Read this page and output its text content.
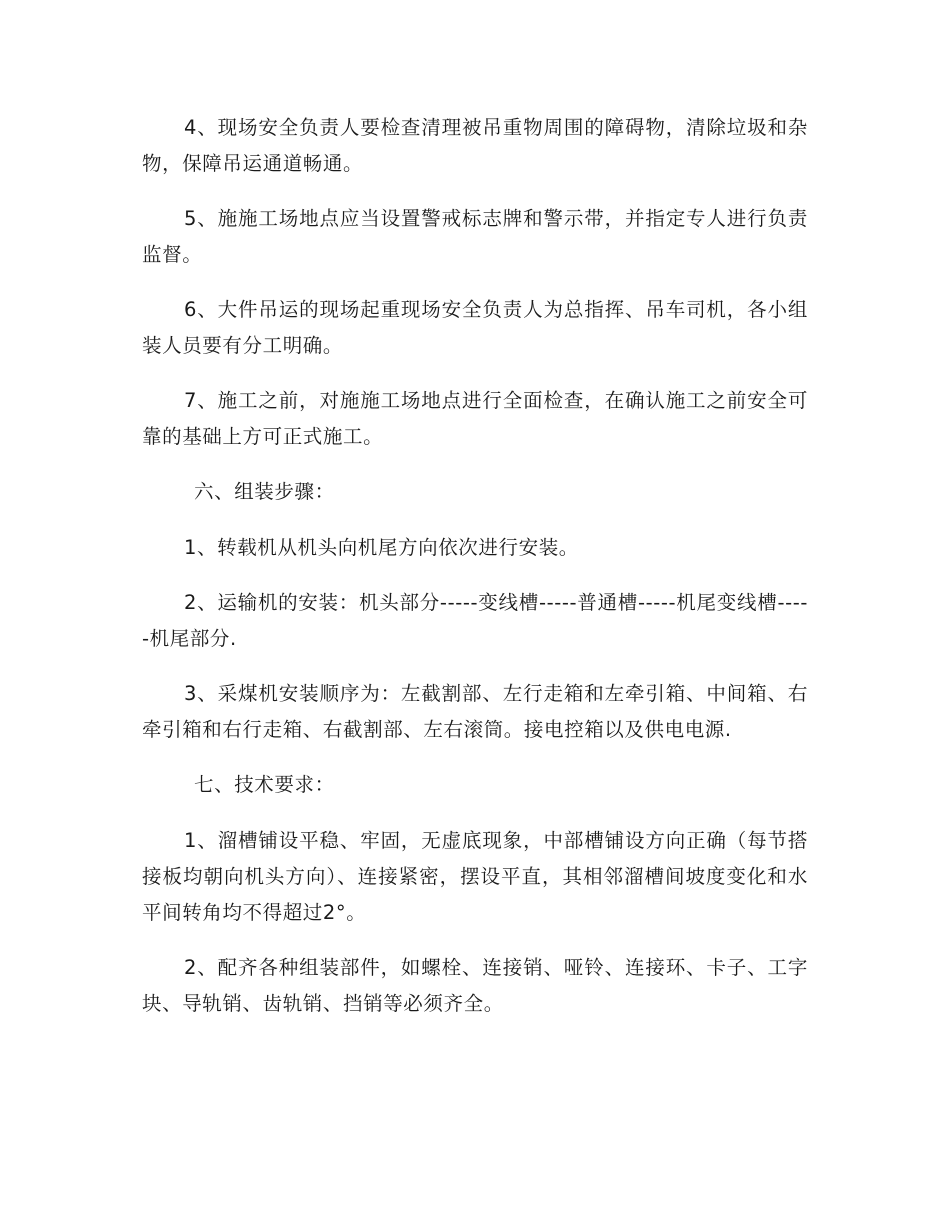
4、现场安全负责人要检查清理被吊重物周围的障碍物，清除垃圾和杂物，保障吊运通道畅通。

5、施施工场地点应当设置警戒标志牌和警示带，并指定专人进行负责监督。

6、大件吊运的现场起重现场安全负责人为总指挥、吊车司机，各小组装人员要有分工明确。

7、施工之前，对施施工场地点进行全面检查，在确认施工之前安全可靠的基础上方可正式施工。

六、组装步骤：

1、转载机从机头向机尾方向依次进行安装。

2、运输机的安装：机头部分-----变线槽-----普通槽-----机尾变线槽-----机尾部分.

3、采煤机安装顺序为：左截割部、左行走箱和左牵引箱、中间箱、右牵引箱和右行走箱、右截割部、左右滚筒。接电控箱以及供电电源.

七、技术要求：

1、溜槽铺设平稳、牢固，无虚底现象，中部槽铺设方向正确（每节搭接板均朝向机头方向）、连接紧密，摆设平直，其相邻溜槽间坡度变化和水平间转角均不得超过2°。

2、配齐各种组装部件，如螺栓、连接销、哑铃、连接环、卡子、工字块、导轨销、齿轨销、挡销等必须齐全。
